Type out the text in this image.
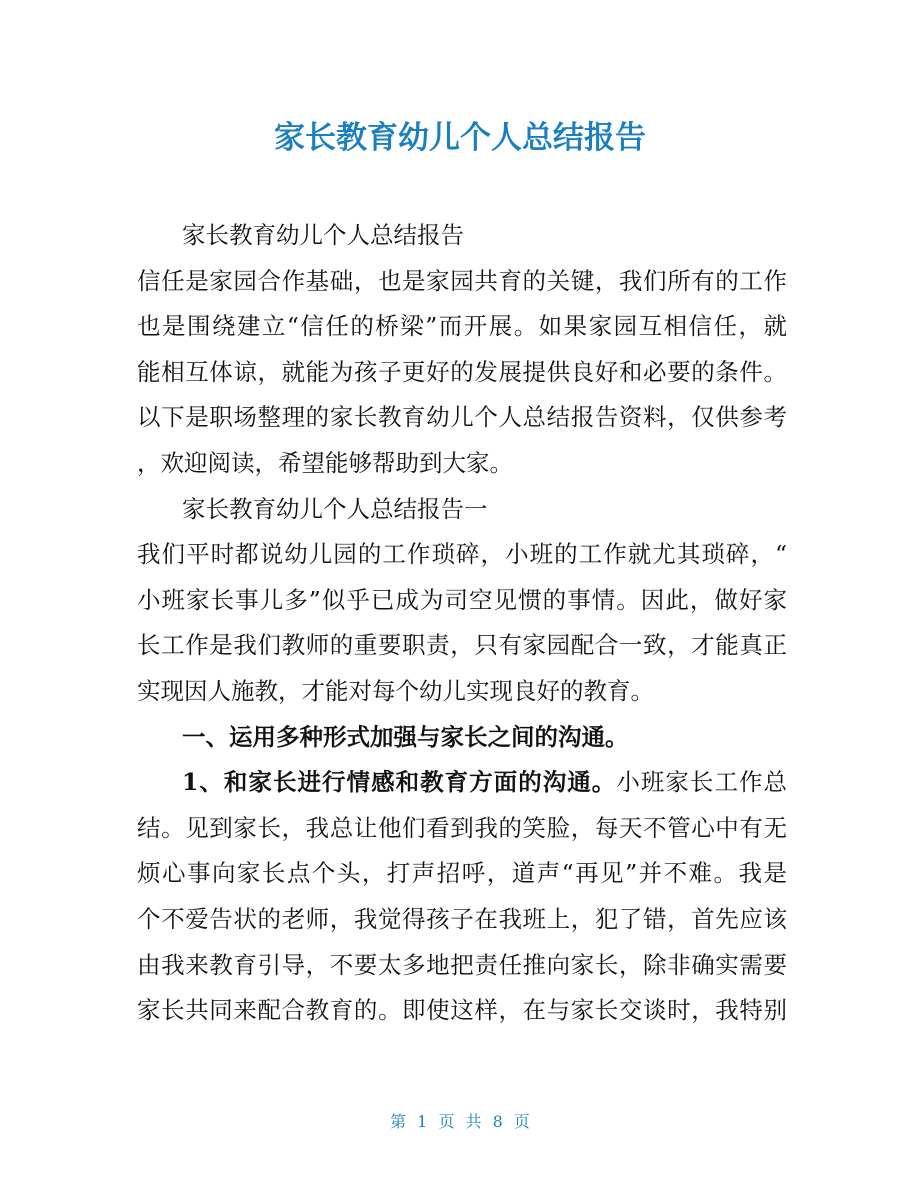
家长教育幼儿个人总结报告
家长教育幼儿个人总结报告
信任是家园合作基础，也是家园共育的关键，我们所有的工作
也是围绕建立“信任的桥梁”而开展。如果家园互相信任，就
能相互体谅，就能为孩子更好的发展提供良好和必要的条件。
以下是职场整理的家长教育幼儿个人总结报告资料，仅供参考
，欢迎阅读，希望能够帮助到大家。
家长教育幼儿个人总结报告一
我们平时都说幼儿园的工作琐碎，小班的工作就尤其琐碎，“
小班家长事儿多”似乎已成为司空见惯的事情。因此，做好家
长工作是我们教师的重要职责，只有家园配合一致，才能真正
实现因人施教，才能对每个幼儿实现良好的教育。
一、运用多种形式加强与家长之间的沟通。
1、和家长进行情感和教育方面的沟通。小班家长工作总
结。见到家长，我总让他们看到我的笑脸，每天不管心中有无
烦心事向家长点个头，打声招呼，道声“再见”并不难。我是
个不爱告状的老师，我觉得孩子在我班上，犯了错，首先应该
由我来教育引导，不要太多地把责任推向家长，除非确实需要
家长共同来配合教育的。即使这样，在与家长交谈时，我特别
第 1 页 共 8 页
